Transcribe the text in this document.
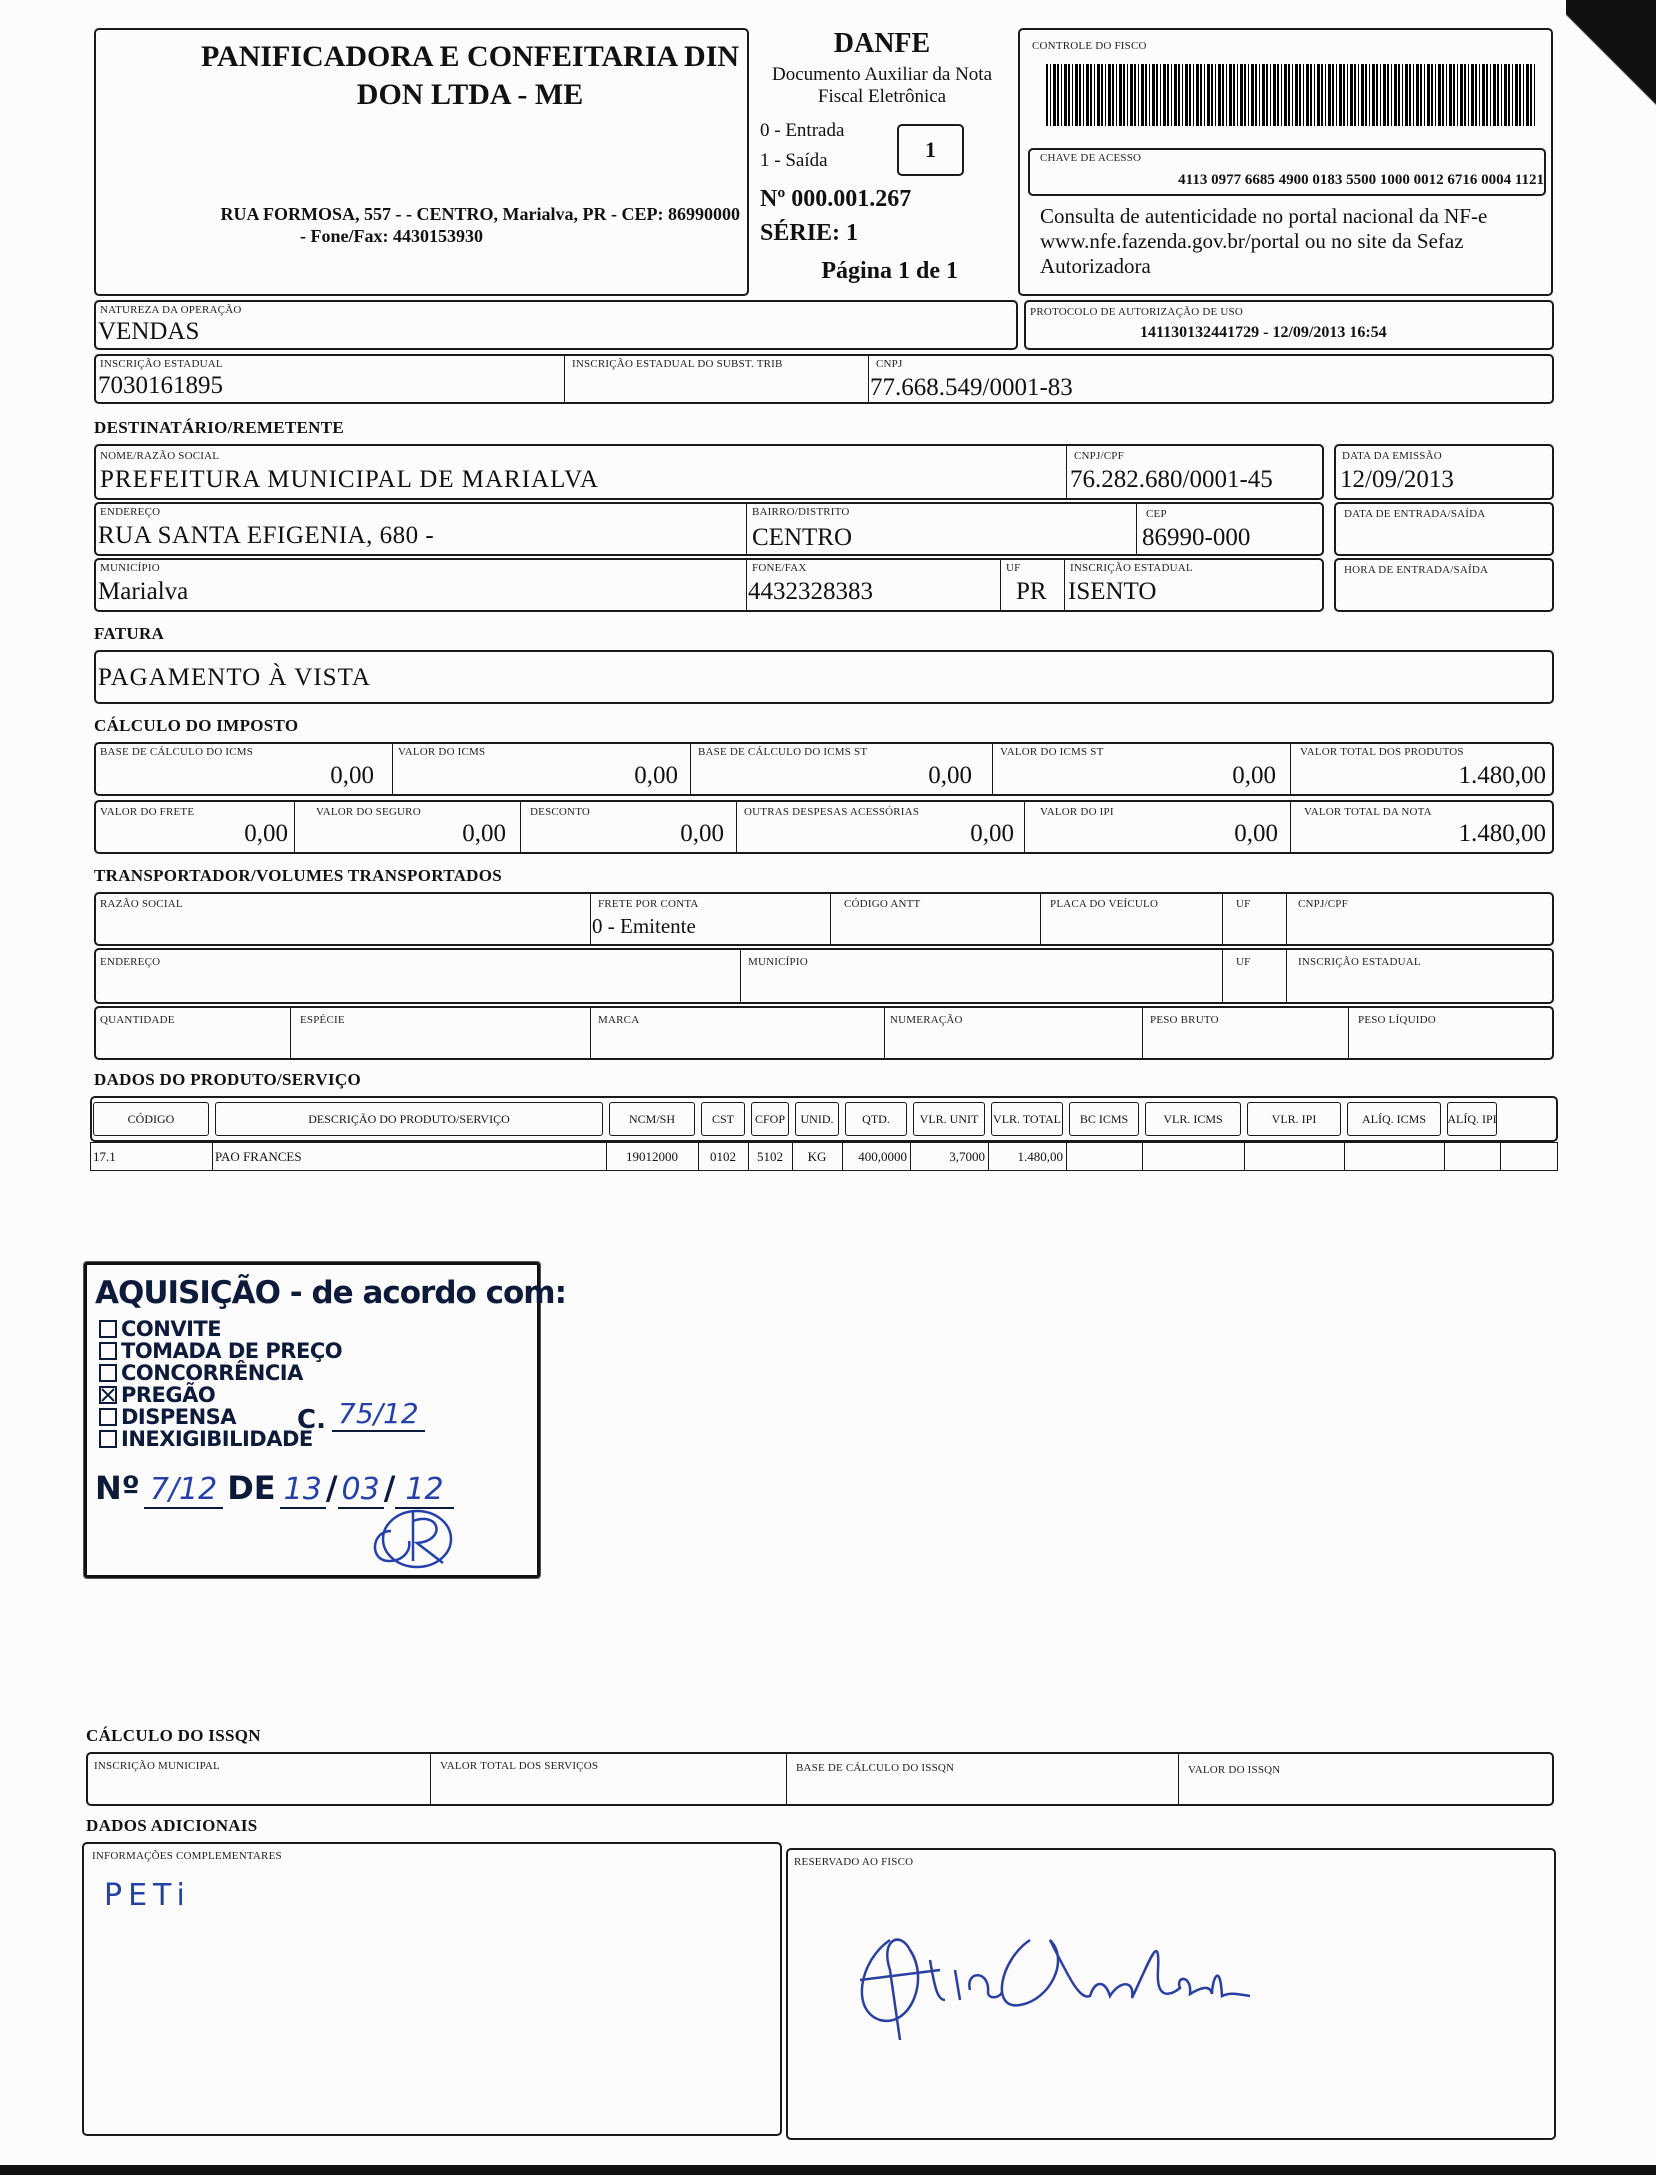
PANIFICADORA E CONFEITARIA DIN DON LTDA - ME
RUA FORMOSA, 557 - - CENTRO, Marialva, PR - CEP: 86990000
- Fone/Fax: 4430153930
DANFE
Documento Auxiliar da Nota Fiscal Eletrônica
0 - Entrada
1 - Saída	1
Nº 000.001.267
SÉRIE: 1
Página 1 de 1
CONTROLE DO FISCO
CHAVE DE ACESSO
4113 0977 6685 4900 0183 5500 1000 0012 6716 0004 1121
Consulta de autenticidade no portal nacional da NF-e www.nfe.fazenda.gov.br/portal ou no site da Sefaz Autorizadora
NATUREZA DA OPERAÇÃO
VENDAS
PROTOCOLO DE AUTORIZAÇÃO DE USO
141130132441729 - 12/09/2013 16:54
INSCRIÇÃO ESTADUAL
7030161895
INSCRIÇÃO ESTADUAL DO SUBST. TRIB	CNPJ
77.668.549/0001-83
DESTINATÁRIO/REMETENTE
NOME/RAZÃO SOCIAL
PREFEITURA MUNICIPAL DE MARIALVA
CNPJ/CPF
76.282.680/0001-45
DATA DA EMISSÃO
12/09/2013
ENDEREÇO
RUA SANTA EFIGENIA, 680 -
BAIRRO/DISTRITO
CENTRO
CEP
86990-000
DATA DE ENTRADA/SAÍDA
MUNICÍPIO
Marialva
FONE/FAX
4432328383
UF
PR
INSCRIÇÃO ESTADUAL
ISENTO
HORA DE ENTRADA/SAÍDA
FATURA
PAGAMENTO À VISTA
CÁLCULO DO IMPOSTO
BASE DE CÁLCULO DO ICMS
0,00
VALOR DO ICMS
0,00
BASE DE CÁLCULO DO ICMS ST
0,00
VALOR DO ICMS ST
0,00
VALOR TOTAL DOS PRODUTOS
1.480,00
VALOR DO FRETE
0,00
VALOR DO SEGURO
0,00
DESCONTO
0,00
OUTRAS DESPESAS ACESSÓRIAS
0,00
VALOR DO IPI
0,00
VALOR TOTAL DA NOTA
1.480,00
TRANSPORTADOR/VOLUMES TRANSPORTADOS
RAZÃO SOCIAL	FRETE POR CONTA
0 - Emitente
CÓDIGO ANTT	PLACA DO VEÍCULO	UF	CNPJ/CPF
ENDEREÇO	MUNICÍPIO	UF	INSCRIÇÃO ESTADUAL
QUANTIDADE	ESPÉCIE	MARCA	NUMERAÇÃO	PESO BRUTO	PESO LÍQUIDO
DADOS DO PRODUTO/SERVIÇO
CÓDIGO	DESCRIÇÃO DO PRODUTO/SERVIÇO	NCM/SH	CST	CFOP	UNID.	QTD.	VLR. UNIT	VLR. TOTAL	BC ICMS	VLR. ICMS	VLR. IPI	ALÍQ. ICMS	ALÍQ. IPI
17.1	PAO FRANCES	19012000	0102	5102	KG	400,0000	3,7000	1.480,00
AQUISIÇÃO - de acordo com:
CONVITE
TOMADA DE PREÇO
CONCORRÊNCIA
PREGÃO
DISPENSA
INEXIGIBILIDADE
C. 75/12
Nº 7/12 DE 13 / 03 / 12
CÁLCULO DO ISSQN
INSCRIÇÃO MUNICIPAL	VALOR TOTAL DOS SERVIÇOS	BASE DE CÁLCULO DO ISSQN	VALOR DO ISSQN
DADOS ADICIONAIS
INFORMAÇÕES COMPLEMENTARES
PETi
RESERVADO AO FISCO
